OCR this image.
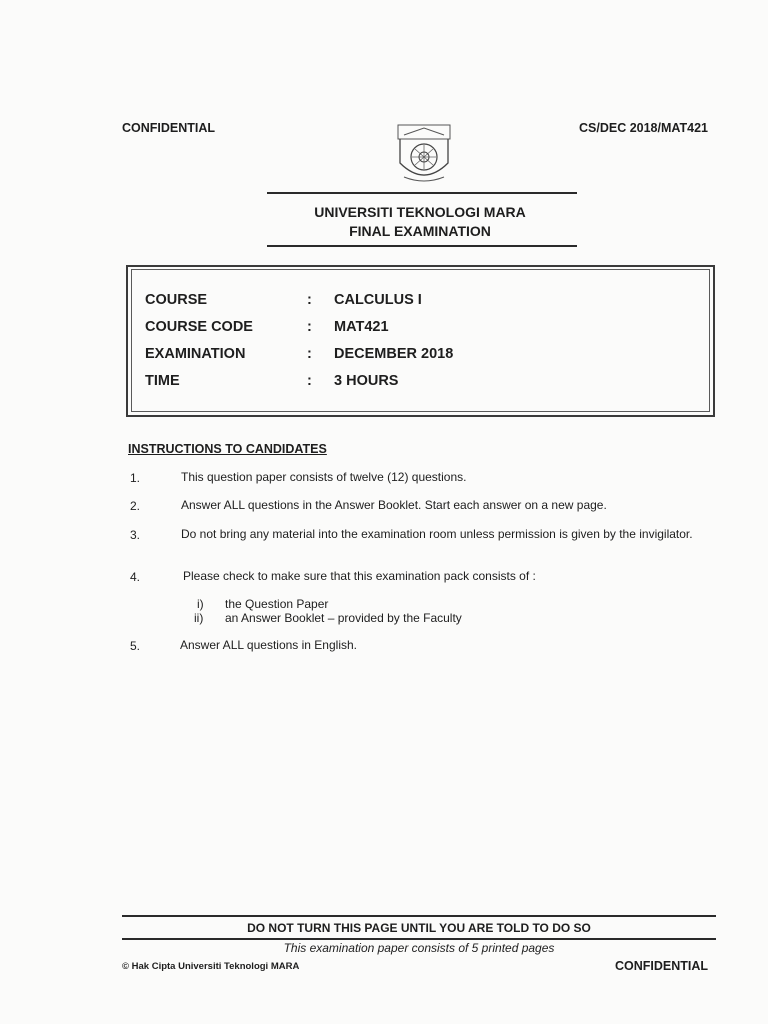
CONFIDENTIAL	CS/DEC 2018/MAT421
UNIVERSITI TEKNOLOGI MARA
FINAL EXAMINATION
COURSE	: CALCULUS I
COURSE CODE	: MAT421
EXAMINATION	: DECEMBER 2018
TIME	: 3 HOURS
INSTRUCTIONS TO CANDIDATES
1.	This question paper consists of twelve (12) questions.
2.	Answer ALL questions in the Answer Booklet. Start each answer on a new page.
3.	Do not bring any material into the examination room unless permission is given by the invigilator.
4.	Please check to make sure that this examination pack consists of :
i) the Question Paper
ii) an Answer Booklet – provided by the Faculty
5.	Answer ALL questions in English.
DO NOT TURN THIS PAGE UNTIL YOU ARE TOLD TO DO SO
This examination paper consists of 5 printed pages
© Hak Cipta Universiti Teknologi MARA	CONFIDENTIAL
